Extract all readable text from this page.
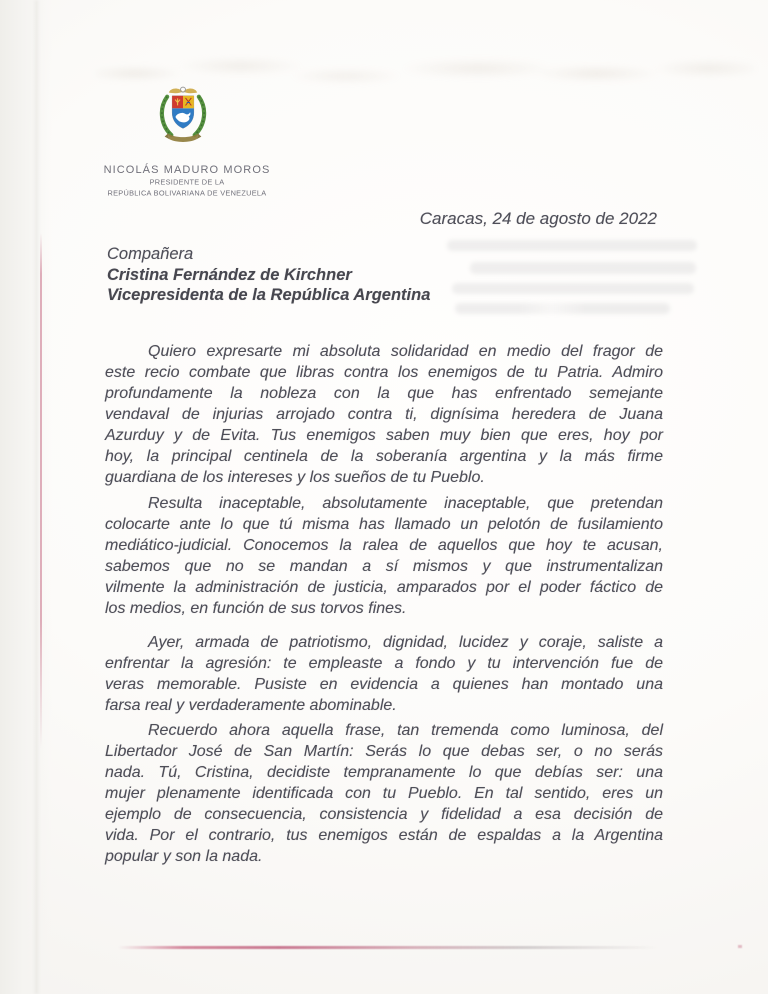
NICOLÁS MADURO MOROS
PRESIDENTE DE LA
REPÚBLICA BOLIVARIANA DE VENEZUELA
Caracas, 24 de agosto de 2022
Compañera
Cristina Fernández de Kirchner
Vicepresidenta de la República Argentina
Quiero expresarte mi absoluta solidaridad en medio del fragor de
este recio combate que libras contra los enemigos de tu Patria. Admiro
profundamente la nobleza con la que has enfrentado semejante
vendaval de injurias arrojado contra ti, dignísima heredera de Juana
Azurduy y de Evita. Tus enemigos saben muy bien que eres, hoy por
hoy, la principal centinela de la soberanía argentina y la más firme
guardiana de los intereses y los sueños de tu Pueblo.
Resulta inaceptable, absolutamente inaceptable, que pretendan
colocarte ante lo que tú misma has llamado un pelotón de fusilamiento
mediático-judicial. Conocemos la ralea de aquellos que hoy te acusan,
sabemos que no se mandan a sí mismos y que instrumentalizan
vilmente la administración de justicia, amparados por el poder fáctico de
los medios, en función de sus torvos fines.
Ayer, armada de patriotismo, dignidad, lucidez y coraje, saliste a
enfrentar la agresión: te empleaste a fondo y tu intervención fue de
veras memorable. Pusiste en evidencia a quienes han montado una
farsa real y verdaderamente abominable.
Recuerdo ahora aquella frase, tan tremenda como luminosa, del
Libertador José de San Martín: Serás lo que debas ser, o no serás
nada. Tú, Cristina, decidiste tempranamente lo que debías ser: una
mujer plenamente identificada con tu Pueblo. En tal sentido, eres un
ejemplo de consecuencia, consistencia y fidelidad a esa decisión de
vida. Por el contrario, tus enemigos están de espaldas a la Argentina
popular y son la nada.
